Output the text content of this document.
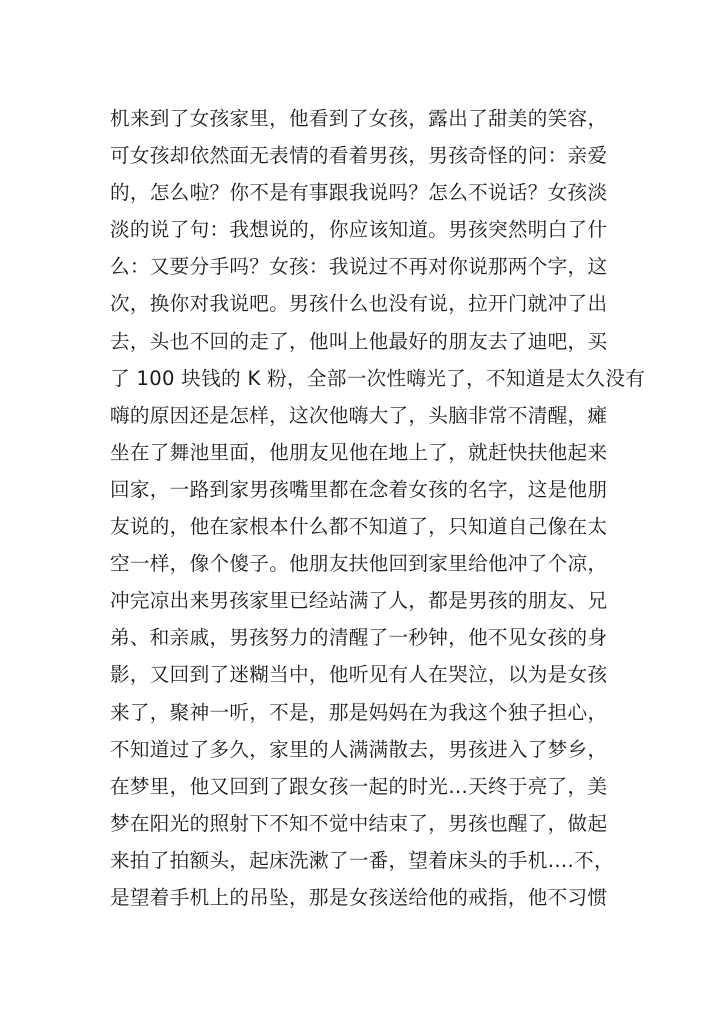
机来到了女孩家里，他看到了女孩，露出了甜美的笑容，
可女孩却依然面无表情的看着男孩，男孩奇怪的问：亲爱
的，怎么啦？你不是有事跟我说吗？怎么不说话？女孩淡
淡的说了句：我想说的，你应该知道。男孩突然明白了什
么：又要分手吗？女孩：我说过不再对你说那两个字，这
次，换你对我说吧。男孩什么也没有说，拉开门就冲了出
去，头也不回的走了，他叫上他最好的朋友去了迪吧，买
了 100 块钱的 K 粉，全部一次性嗨光了，不知道是太久没有
嗨的原因还是怎样，这次他嗨大了，头脑非常不清醒，瘫
坐在了舞池里面，他朋友见他在地上了，就赶快扶他起来
回家，一路到家男孩嘴里都在念着女孩的名字，这是他朋
友说的，他在家根本什么都不知道了，只知道自己像在太
空一样，像个傻子。他朋友扶他回到家里给他冲了个凉，
冲完凉出来男孩家里已经站满了人，都是男孩的朋友、兄
弟、和亲戚，男孩努力的清醒了一秒钟，他不见女孩的身
影，又回到了迷糊当中，他听见有人在哭泣，以为是女孩
来了，聚神一听，不是，那是妈妈在为我这个独子担心，
不知道过了多久，家里的人满满散去，男孩进入了梦乡，
在梦里，他又回到了跟女孩一起的时光…天终于亮了，美
梦在阳光的照射下不知不觉中结束了，男孩也醒了，做起
来拍了拍额头，起床洗漱了一番，望着床头的手机….不，
是望着手机上的吊坠，那是女孩送给他的戒指，他不习惯
